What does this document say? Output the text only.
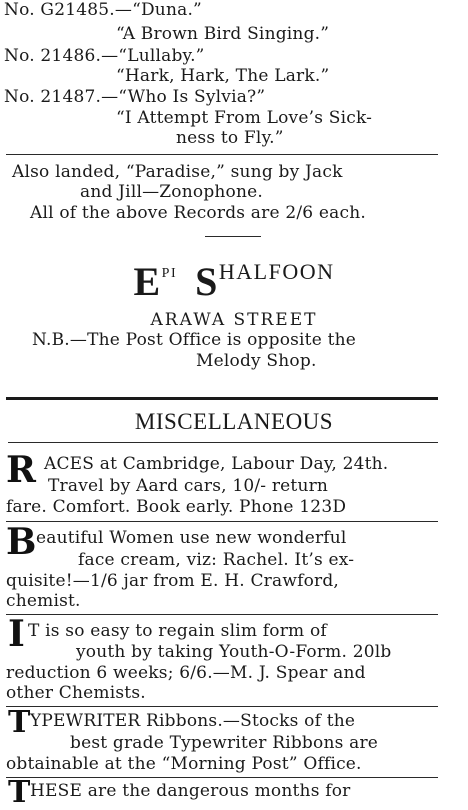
No. G21485.—“Duna.”
“A Brown Bird Singing.”
No. 21486.—“Lullaby.”
“Hark, Hark, The Lark.”
No. 21487.—“Who Is Sylvia?”
“I Attempt From Love’s Sick-
ness to Fly.”
Also landed, “Paradise,” sung by Jack
and Jill—Zonophone.
All of the above Records are 2/6 each.
$E^{PI}$ SHALFOON
ARAWA STREET
N.B.—The Post Office is opposite the
Melody Shop.
MISCELLANEOUS
R ACES at Cambridge, Labour Day, 24th.
Travel by Aard cars, 10/- return
fare. Comfort. Book early. Phone 123D
B eautiful Women use new wonderful
face cream, viz: Rachel. It’s ex-
quisite!—1/6 jar from E. H. Crawford,
chemist.
I T is so easy to regain slim form of
youth by taking Youth-O-Form. 20lb
reduction 6 weeks; 6/6.—M. J. Spear and
other Chemists.
T YPEWRITER Ribbons.—Stocks of the
best grade Typewriter Ribbons are
obtainable at the “Morning Post” Office.
T HESE are the dangerous months for
